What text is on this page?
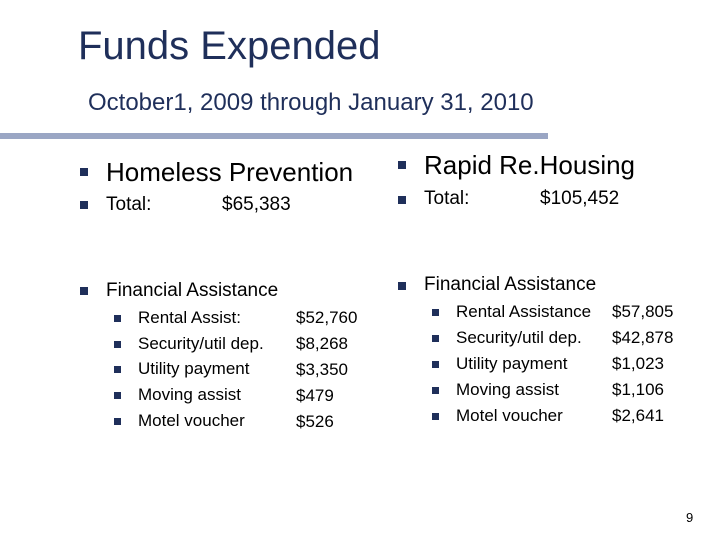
Funds Expended
October1, 2009 through January 31, 2010
Homeless Prevention
Total:	$65,383
Financial Assistance
Rental Assist:	$52,760
Security/util dep. $8,268
Utility payment	$3,350
Moving assist	$479
Motel voucher	$526
Rapid Re.Housing
Total:	$105,452
Financial Assistance
Rental Assistance $57,805
Security/util dep. $42,878
Utility payment	$1,023
Moving assist	$1,106
Motel voucher	$2,641
9
